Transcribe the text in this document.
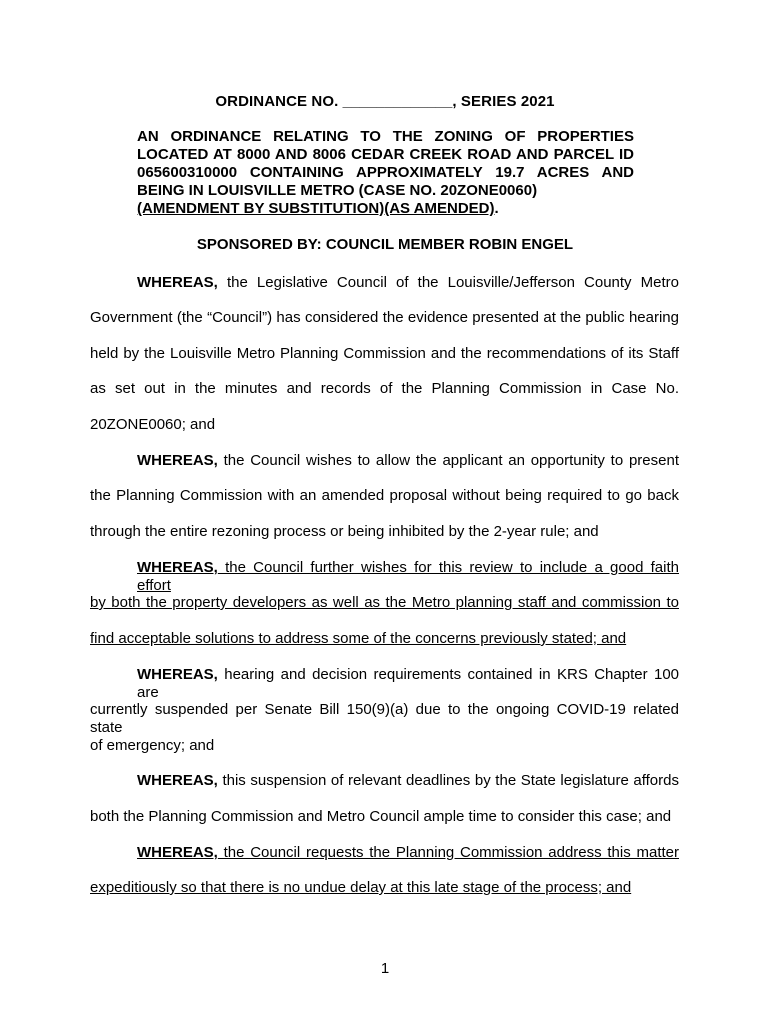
ORDINANCE NO. _____________, SERIES 2021
AN ORDINANCE RELATING TO THE ZONING OF PROPERTIES LOCATED AT 8000 AND 8006 CEDAR CREEK ROAD AND PARCEL ID 065600310000 CONTAINING APPROXIMATELY 19.7 ACRES AND BEING IN LOUISVILLE METRO (CASE NO. 20ZONE0060)
(AMENDMENT BY SUBSTITUTION)(AS AMENDED).
SPONSORED BY: COUNCIL MEMBER ROBIN ENGEL
WHEREAS, the Legislative Council of the Louisville/Jefferson County Metro
Government (the “Council”) has considered the evidence presented at the public hearing
held by the Louisville Metro Planning Commission and the recommendations of its Staff
as set out in the minutes and records of the Planning Commission in Case No.
20ZONE0060; and
WHEREAS, the Council wishes to allow the applicant an opportunity to present
the Planning Commission with an amended proposal without being required to go back
through the entire rezoning process or being inhibited by the 2-year rule; and
WHEREAS, the Council further wishes for this review to include a good faith effort
by both the property developers as well as the Metro planning staff and commission to
find acceptable solutions to address some of the concerns previously stated; and
WHEREAS, hearing and decision requirements contained in KRS Chapter 100 are
currently suspended per Senate Bill 150(9)(a) due to the ongoing COVID-19 related state
of emergency; and
WHEREAS, this suspension of relevant deadlines by the State legislature affords
both the Planning Commission and Metro Council ample time to consider this case; and
WHEREAS, the Council requests the Planning Commission address this matter
expeditiously so that there is no undue delay at this late stage of the process; and
1
